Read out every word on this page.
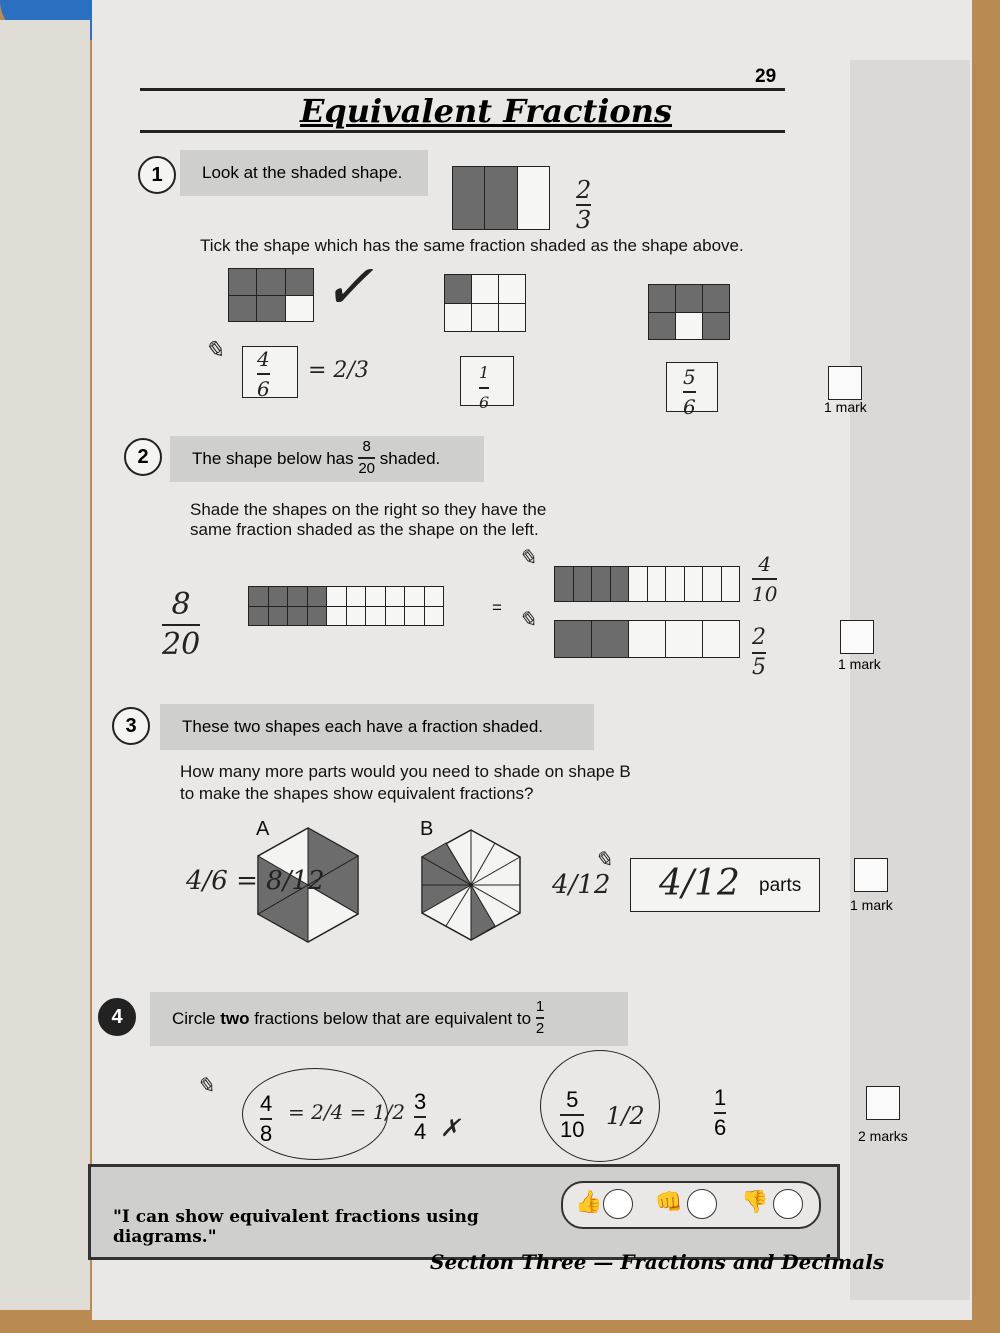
29
Equivalent Fractions
1	Look at the shaded shape.
2
3
Tick the shape which has the same fraction shaded as the shape above.
✓
✎ 4
6
= 2/3	1
6
5
6	1 mark
2	The shape below has $\frac{8}{20}$ shaded.
Shade the shapes on the right so they have the
same fraction shaded as the shape on the left.
8
20
=
✎	4
10
✎
2
5	1 mark
3	These two shapes each have a fraction shaded.
How many more parts would you need to shade on shape B
to make the shapes show equivalent fractions?
A	B
4/6 = 8/12	4/12
✎
4/12 parts
1 mark
4	Circle two fractions below that are equivalent to $\frac{1}{2}$
✎
4
8
= 2/4 = 1/2 3
4 ✗
5
10 1/2
1
6	2 marks
"I can show equivalent fractions using diagrams."
👍 👊	👎
Section Three — Fractions and Decimals
